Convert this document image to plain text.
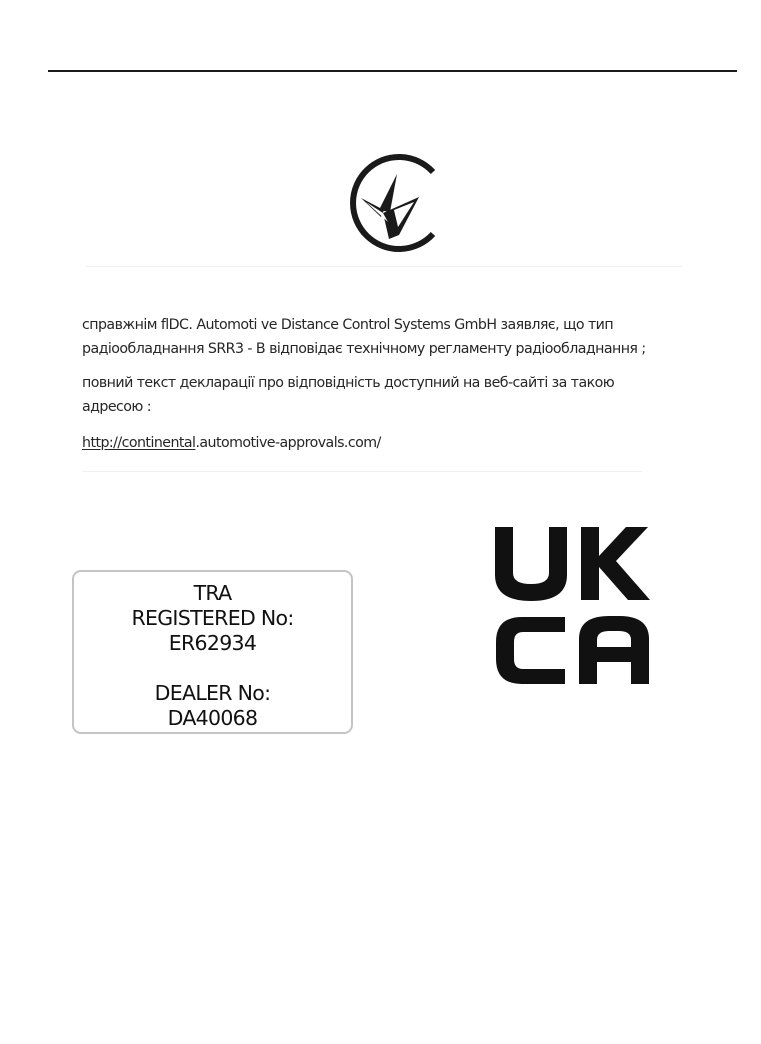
справжнім flDC. Automoti ve Distance Control Systems GmbH заявляє, що тип
радіообладнання SRR3 - B відповідає технічному регламенту радіообладнання ;

повний текст декларації про відповідність доступний на веб-сайті за такою
адресою :

http://continental.automotive-approvals.com/

TRA
REGISTERED No:
ER62934
DEALER No:
DA40068
